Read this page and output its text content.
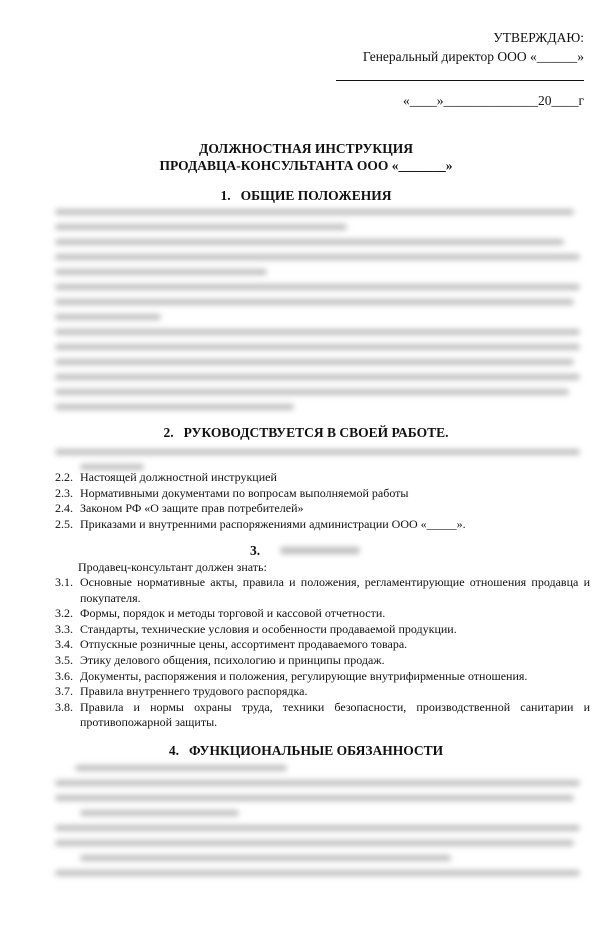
УТВЕРЖДАЮ:
Генеральный директор ООО «______»
«____»______________20____г
ДОЛЖНОСТНАЯ ИНСТРУКЦИЯ
ПРОДАВЦА-КОНСУЛЬТАНТА ООО «_______»
1. ОБЩИЕ ПОЛОЖЕНИЯ
2. РУКОВОДСТВУЕТСЯ В СВОЕЙ РАБОТЕ.
2.2. Настоящей должностной инструкцией
2.3. Нормативными документами по вопросам выполняемой работы
2.4. Законом РФ «О защите прав потребителей»
2.5. Приказами и внутренними распоряжениями администрации ООО «_____».
3.
Продавец-консультант должен знать:
3.1. Основные нормативные акты, правила и положения, регламентирующие отношения продавца и покупателя.
3.2. Формы, порядок и методы торговой и кассовой отчетности.
3.3. Стандарты, технические условия и особенности продаваемой продукции.
3.4. Отпускные розничные цены, ассортимент продаваемого товара.
3.5. Этику делового общения, психологию и принципы продаж.
3.6. Документы, распоряжения и положения, регулирующие внутрифирменные отношения.
3.7. Правила внутреннего трудового распорядка.
3.8. Правила и нормы охраны труда, техники безопасности, производственной санитарии и противопожарной защиты.
4. ФУНКЦИОНАЛЬНЫЕ ОБЯЗАННОСТИ
